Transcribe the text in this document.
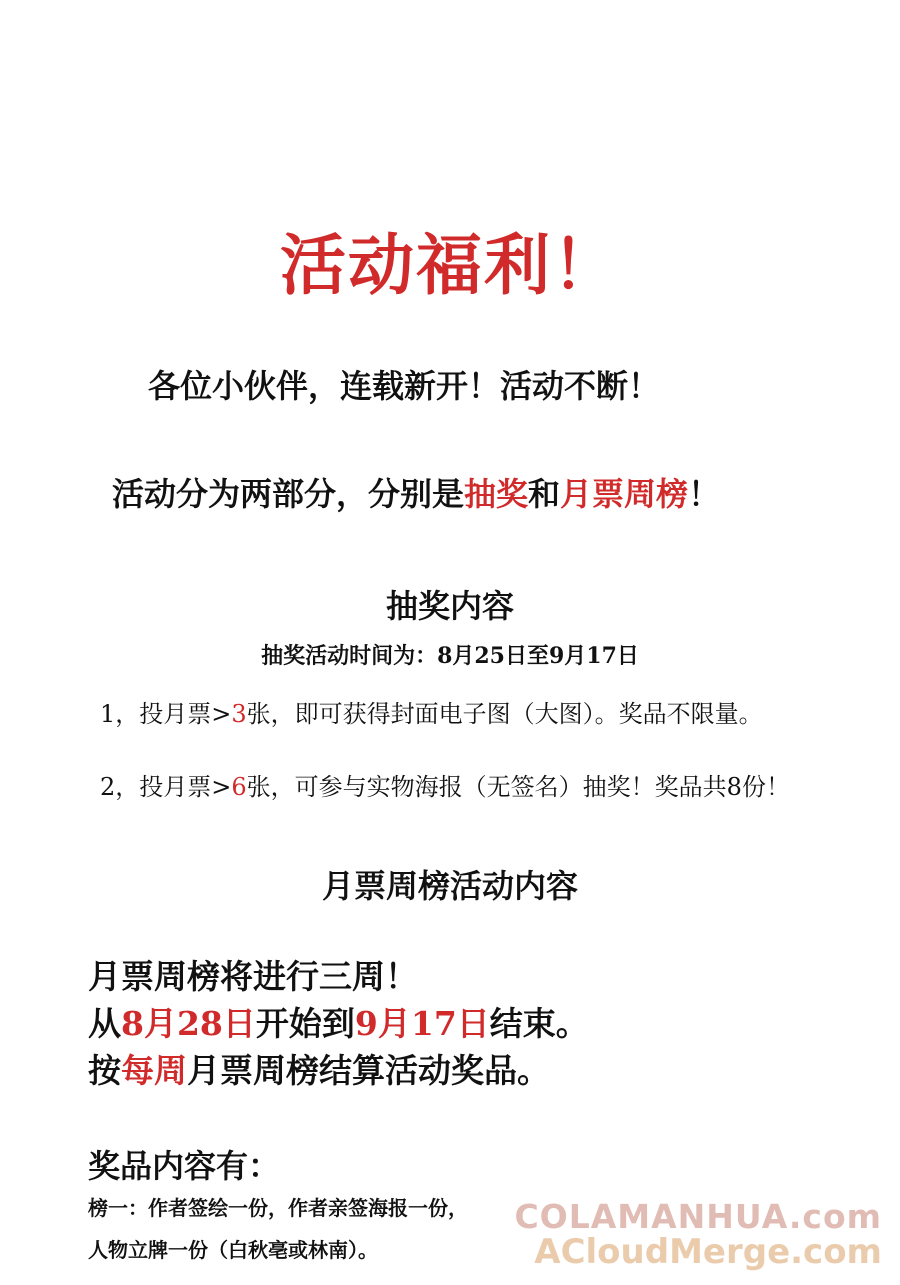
活动福利！
各位小伙伴，连载新开！活动不断！
活动分为两部分，分别是抽奖和月票周榜！
抽奖内容
抽奖活动时间为：8月25日至9月17日
1，投月票>3张，即可获得封面电子图（大图）。奖品不限量。
2，投月票>6张，可参与实物海报（无签名）抽奖！奖品共8份！
月票周榜活动内容
月票周榜将进行三周！
从8月28日开始到9月17日结束。
按每周月票周榜结算活动奖品。
奖品内容有：
榜一：作者签绘一份，作者亲签海报一份，
人物立牌一份（白秋亳或林南）。
COLAMANHUA.com
ACloudMerge.com
